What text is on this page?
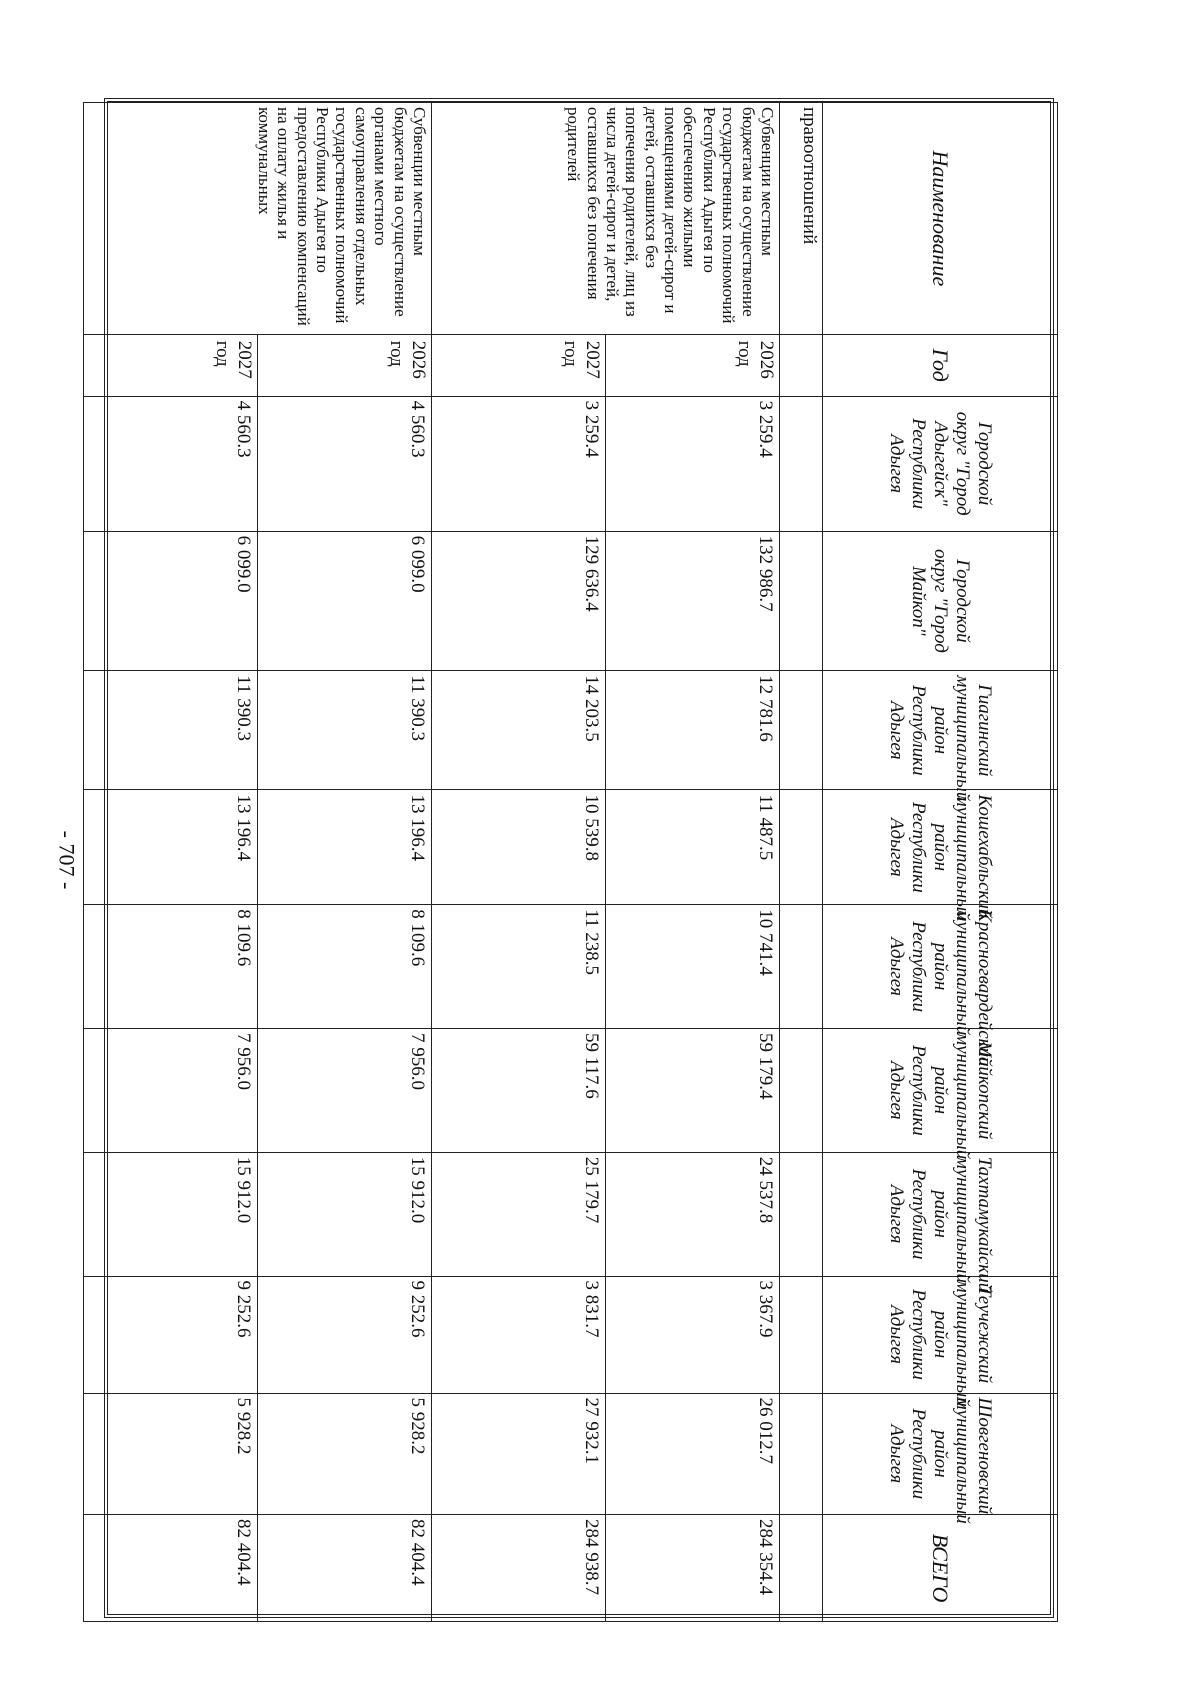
- 707 -
Наименование	Год	Городской округ "Город Адыгейск" Республики Адыгея	Городской округ "Город Майкоп"	Гиагинский муниципальный район Республики Адыгея	Кошехабльский муниципальный район Республики Адыгея	Красногвардейский муниципальный район Республики Адыгея	Майкопский муниципальный район Республики Адыгея	Тахтамукайский муниципальный район Республики Адыгея	Теучежский муниципальный район Республики Адыгея	Шовгеновский муниципальный район Республики Адыгея	ВСЕГО
правоотношений											
Субвенции местным бюджетам на осуществление государственных полномочий Республики Адыгея по обеспечению жилыми помещениями детей-сирот и детей, оставшихся без попечения родителей, лиц из числа детей-сирот и детей, оставшихся без попечения родителей	2026 год	3 259.4	132 986.7	12 781.6	11 487.5	10 741.4	59 179.4	24 537.8	3 367.9	26 012.7	284 354.4
	2027 год	3 259.4	129 636.4	14 203.5	10 539.8	11 238.5	59 117.6	25 179.7	3 831.7	27 932.1	284 938.7
Субвенции местным бюджетам на осуществление органами местного самоуправления отдельных государственных полномочий Республики Адыгея по предоставлению компенсаций на оплату жилья и коммунальных	2026 год	4 560.3	6 099.0	11 390.3	13 196.4	8 109.6	7 956.0	15 912.0	9 252.6	5 928.2	82 404.4
	2027 год	4 560.3	6 099.0	11 390.3	13 196.4	8 109.6	7 956.0	15 912.0	9 252.6	5 928.2	82 404.4
